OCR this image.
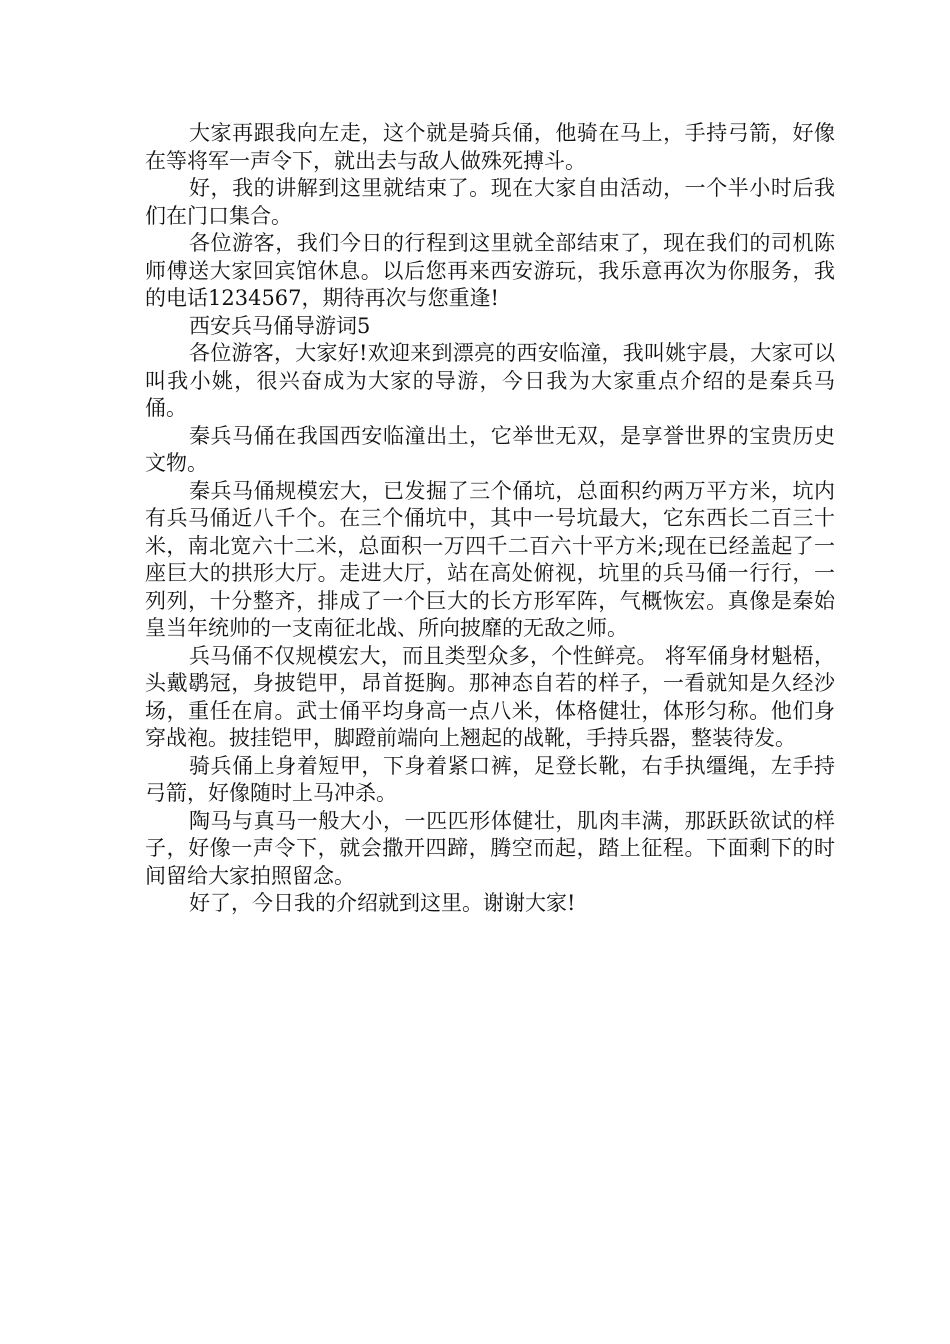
大家再跟我向左走，这个就是骑兵俑，他骑在马上，手持弓箭，好像在等将军一声令下，就出去与敌人做殊死搏斗。

好，我的讲解到这里就结束了。现在大家自由活动，一个半小时后我们在门口集合。

各位游客，我们今日的行程到这里就全部结束了，现在我们的司机陈师傅送大家回宾馆休息。以后您再来西安游玩，我乐意再次为你服务，我的电话1234567，期待再次与您重逢!

西安兵马俑导游词5

各位游客，大家好!欢迎来到漂亮的西安临潼，我叫姚宇晨，大家可以叫我小姚，很兴奋成为大家的导游，今日我为大家重点介绍的是秦兵马俑。

秦兵马俑在我国西安临潼出土，它举世无双，是享誉世界的宝贵历史文物。

秦兵马俑规模宏大，已发掘了三个俑坑，总面积约两万平方米，坑内有兵马俑近八千个。在三个俑坑中，其中一号坑最大，它东西长二百三十米，南北宽六十二米，总面积一万四千二百六十平方米;现在已经盖起了一座巨大的拱形大厅。走进大厅，站在高处俯视，坑里的兵马俑一行行，一列列，十分整齐，排成了一个巨大的长方形军阵，气概恢宏。真像是秦始皇当年统帅的一支南征北战、所向披靡的无敌之师。

兵马俑不仅规模宏大，而且类型众多，个性鲜亮。 将军俑身材魁梧，头戴鹖冠，身披铠甲，昂首挺胸。那神态自若的样子，一看就知是久经沙场，重任在肩。武士俑平均身高一点八米，体格健壮，体形匀称。他们身穿战袍。披挂铠甲，脚蹬前端向上翘起的战靴，手持兵器，整装待发。

骑兵俑上身着短甲，下身着紧口裤，足登长靴，右手执缰绳，左手持弓箭，好像随时上马冲杀。

陶马与真马一般大小，一匹匹形体健壮，肌肉丰满，那跃跃欲试的样子，好像一声令下，就会撒开四蹄，腾空而起，踏上征程。下面剩下的时间留给大家拍照留念。

好了，今日我的介绍就到这里。谢谢大家!
